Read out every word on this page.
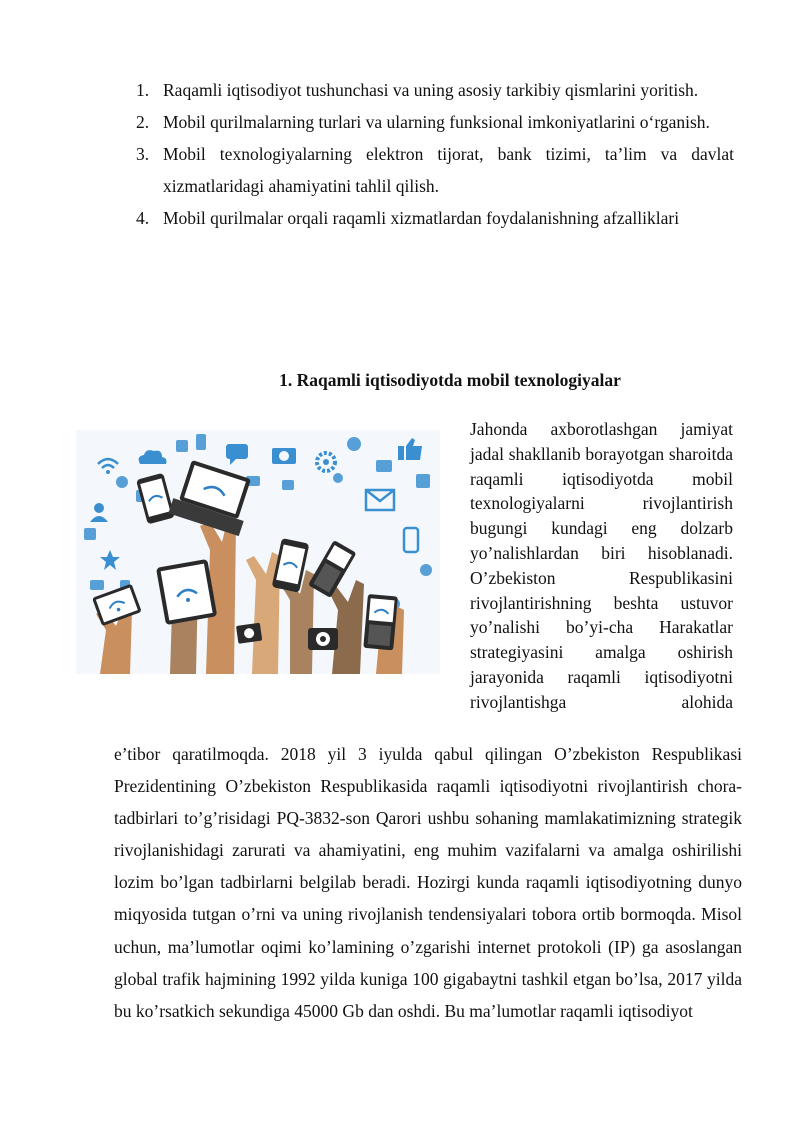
1. Raqamli iqtisodiyot tushunchasi va uning asosiy tarkibiy qismlarini yoritish.
2. Mobil qurilmalarning turlari va ularning funksional imkoniyatlarini o‘rganish.
3. Mobil texnologiyalarning elektron tijorat, bank tizimi, ta’lim va davlat xizmatlaridagi ahamiyatini tahlil qilish.
4. Mobil qurilmalar orqali raqamli xizmatlardan foydalanishning afzalliklari
1. Raqamli iqtisodiyotda mobil texnologiyalar

Jahonda axborotlashgan jamiyat jadal shakllanib borayotgan sharoitda raqamli iqtisodiyotda mobil texnologiyalarni rivojlantirish bugungi kundagi eng dolzarb yo’nalishlardan biri hisoblanadi. O’zbekiston Respublikasini rivojlantirishning beshta ustuvor yo’nalishi bo’yi-cha Harakatlar strategiyasini amalga oshirish jarayonida raqamli iqtisodiyotni rivojlantishga alohida

e’tibor qaratilmoqda. 2018 yil 3 iyulda qabul qilingan O’zbekiston Respublikasi Prezidentining O’zbekiston Respublikasida raqamli iqtisodiyotni rivojlantirish chora-tadbirlari to’g’risidagi PQ-3832-son Qarori ushbu sohaning mamlakatimizning strategik rivojlanishidagi zarurati va ahamiyatini, eng muhim vazifalarni va amalga oshirilishi lozim bo’lgan tadbirlarni belgilab beradi. Hozirgi kunda raqamli iqtisodiyotning dunyo miqyosida tutgan o’rni va uning rivojlanish tendensiyalari tobora ortib bormoqda. Misol uchun, ma’lumotlar oqimi ko’lamining o’zgarishi internet protokoli (IP) ga asoslangan global trafik hajmining 1992 yilda kuniga 100 gigabaytni tashkil etgan bo’lsa, 2017 yilda bu ko’rsatkich sekundiga 45000 Gb dan oshdi. Bu ma’lumotlar raqamli iqtisodiyot
